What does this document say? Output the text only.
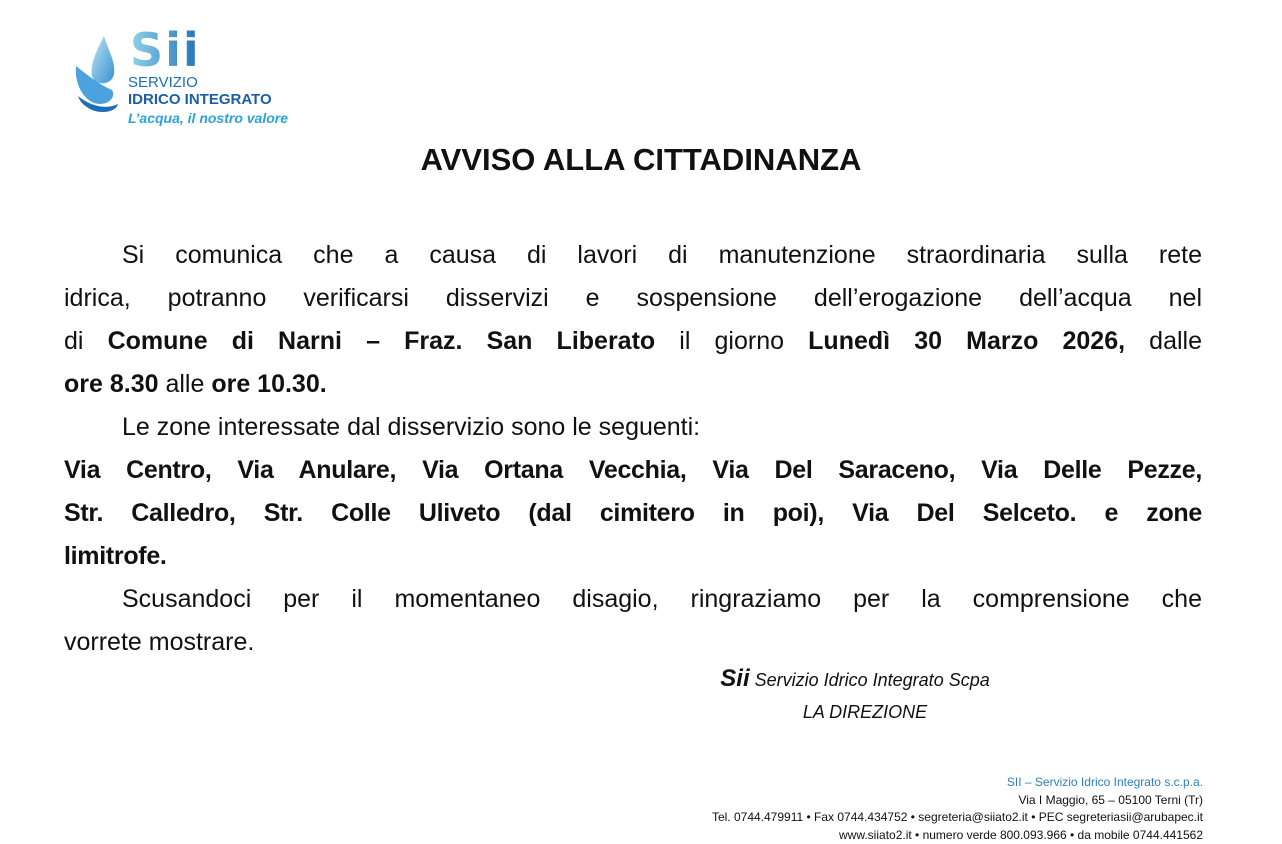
Sii
SERVIZIO
IDRICO INTEGRATO
L’acqua, il nostro valore
AVVISO ALLA CITTADINANZA
Si comunica che a causa di lavori di manutenzione straordinaria sulla rete
idrica, potranno verificarsi disservizi e sospensione dell’erogazione dell’acqua nel
di Comune di Narni – Fraz. San Liberato il giorno Lunedì 30 Marzo 2026, dalle
ore 8.30 alle ore 10.30.
Le zone interessate dal disservizio sono le seguenti:
Via Centro, Via Anulare, Via Ortana Vecchia, Via Del Saraceno, Via Delle Pezze,
Str. Calledro, Str. Colle Uliveto (dal cimitero in poi), Via Del Selceto. e zone
limitrofe.
Scusandoci per il momentaneo disagio, ringraziamo per la comprensione che
vorrete mostrare.
Sii Servizio Idrico Integrato Scpa
LA DIREZIONE
SII – Servizio Idrico Integrato s.c.p.a.
Via I Maggio, 65 – 05100 Terni (Tr)
Tel. 0744.479911 • Fax 0744.434752 • segreteria@siiato2.it • PEC segreteriasii@arubapec.it
www.siiato2.it • numero verde 800.093.966 • da mobile 0744.441562
